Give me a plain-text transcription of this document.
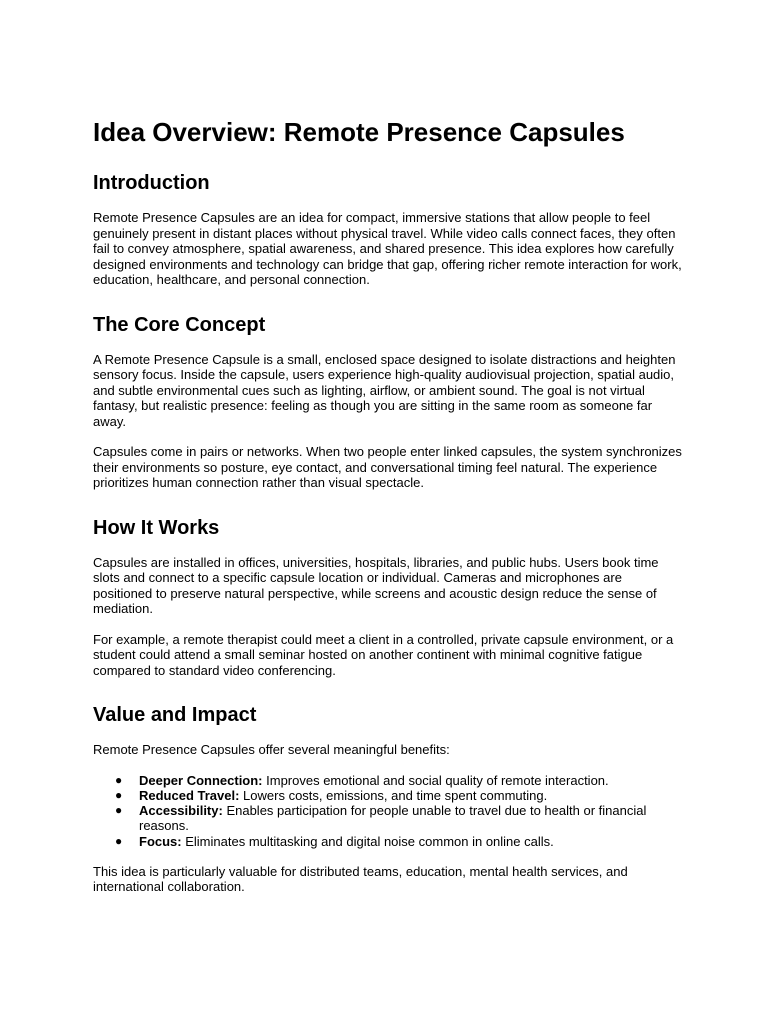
Idea Overview: Remote Presence Capsules
Introduction

Remote Presence Capsules are an idea for compact, immersive stations that allow people to feel genuinely present in distant places without physical travel. While video calls connect faces, they often fail to convey atmosphere, spatial awareness, and shared presence. This idea explores how carefully designed environments and technology can bridge that gap, offering richer remote interaction for work, education, healthcare, and personal connection.

The Core Concept

A Remote Presence Capsule is a small, enclosed space designed to isolate distractions and heighten sensory focus. Inside the capsule, users experience high-quality audiovisual projection, spatial audio, and subtle environmental cues such as lighting, airflow, or ambient sound. The goal is not virtual fantasy, but realistic presence: feeling as though you are sitting in the same room as someone far away.

Capsules come in pairs or networks. When two people enter linked capsules, the system synchronizes their environments so posture, eye contact, and conversational timing feel natural. The experience prioritizes human connection rather than visual spectacle.

How It Works

Capsules are installed in offices, universities, hospitals, libraries, and public hubs. Users book time slots and connect to a specific capsule location or individual. Cameras and microphones are positioned to preserve natural perspective, while screens and acoustic design reduce the sense of mediation.

For example, a remote therapist could meet a client in a controlled, private capsule environment, or a student could attend a small seminar hosted on another continent with minimal cognitive fatigue compared to standard video conferencing.

Value and Impact

Remote Presence Capsules offer several meaningful benefits:

● Deeper Connection: Improves emotional and social quality of remote interaction.
● Reduced Travel: Lowers costs, emissions, and time spent commuting.
● Accessibility: Enables participation for people unable to travel due to health or financial reasons.
● Focus: Eliminates multitasking and digital noise common in online calls.

This idea is particularly valuable for distributed teams, education, mental health services, and international collaboration.
